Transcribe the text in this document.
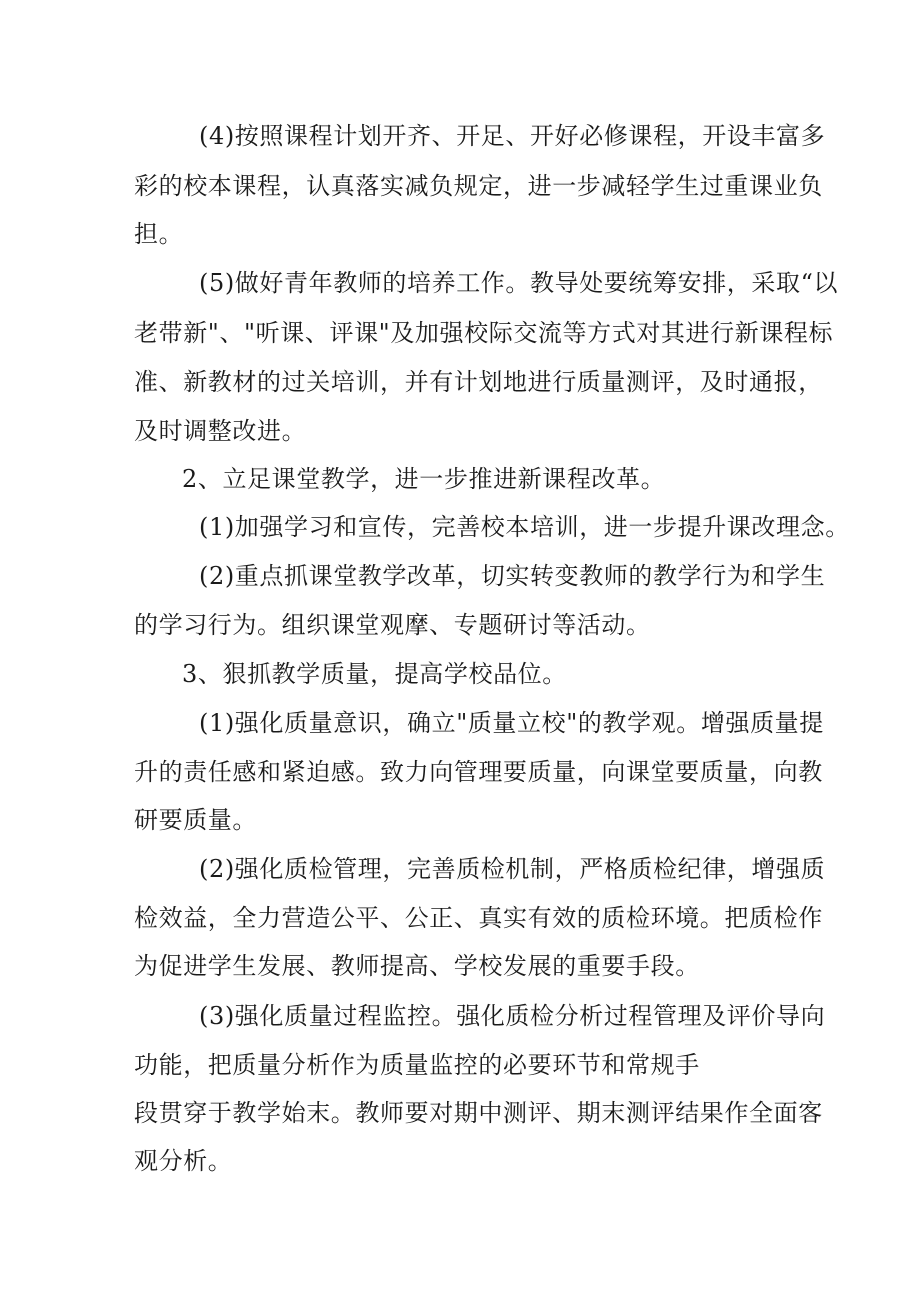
(4)按照课程计划开齐、开足、开好必修课程，开设丰富多
彩的校本课程，认真落实减负规定，进一步减轻学生过重课业负
担。
(5)做好青年教师的培养工作。教导处要统筹安排，采取“以
老带新"、"听课、评课"及加强校际交流等方式对其进行新课程标
准、新教材的过关培训，并有计划地进行质量测评，及时通报，
及时调整改进。
2、立足课堂教学，进一步推进新课程改革。
(1)加强学习和宣传，完善校本培训，进一步提升课改理念。
(2)重点抓课堂教学改革，切实转变教师的教学行为和学生
的学习行为。组织课堂观摩、专题研讨等活动。
3、狠抓教学质量，提高学校品位。
(1)强化质量意识，确立"质量立校"的教学观。增强质量提
升的责任感和紧迫感。致力向管理要质量，向课堂要质量，向教
研要质量。
(2)强化质检管理，完善质检机制，严格质检纪律，增强质
检效益，全力营造公平、公正、真实有效的质检环境。把质检作
为促进学生发展、教师提高、学校发展的重要手段。
(3)强化质量过程监控。强化质检分析过程管理及评价导向
功能，把质量分析作为质量监控的必要环节和常规手
段贯穿于教学始末。教师要对期中测评、期末测评结果作全面客
观分析。
